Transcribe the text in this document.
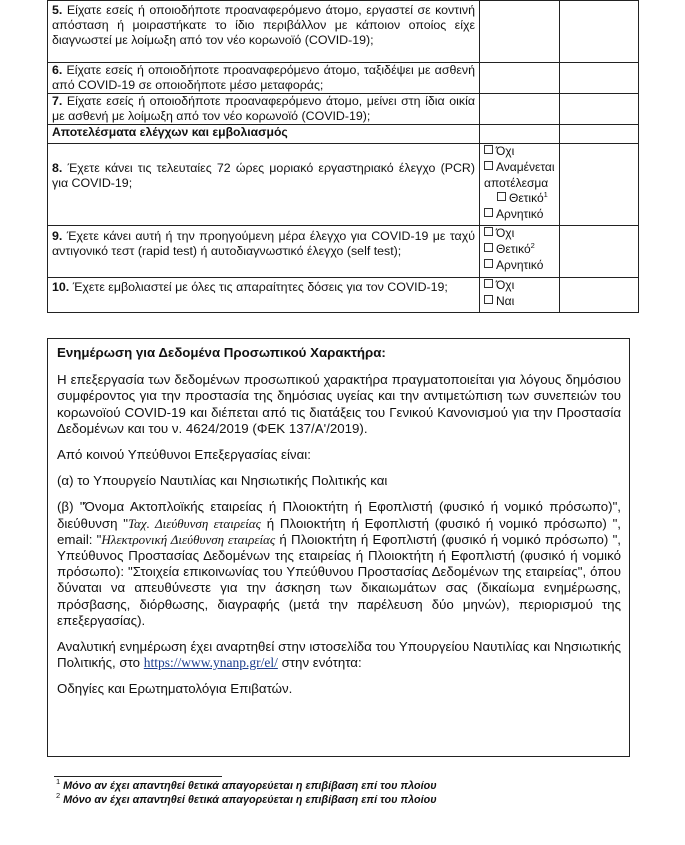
5. Είχατε εσείς ή οποιοδήποτε προαναφερόμενο άτομο, εργαστεί σε κοντινή απόσταση ή μοιραστήκατε το ίδιο περιβάλλον με κάποιον οποίος είχε διαγνωστεί με λοίμωξη από τον νέο κορωνοϊό (COVID-19);		
6. Είχατε εσείς ή οποιοδήποτε προαναφερόμενο άτομο, ταξιδέψει με ασθενή από COVID-19 σε οποιοδήποτε μέσο μεταφοράς;		
7. Είχατε εσείς ή οποιοδήποτε προαναφερόμενο άτομο, μείνει στη ίδια οικία με ασθενή με λοίμωξη από τον νέο κορωνοϊό (COVID-19);		
Αποτελέσματα ελέγχων και εμβολιασμός		
8. Έχετε κάνει τις τελευταίες 72 ώρες μοριακό εργαστηριακό έλεγχο (PCR) για COVID-19;	Όχι
Αναμένεται αποτέλεσμα
Θετικό$^1$
Αρνητικό	

9. Έχετε κάνει αυτή ή την προηγούμενη μέρα έλεγχο για COVID-19 με ταχύ αντιγονικό τεστ (rapid test) ή αυτοδιαγνωστικό έλεγχο (self test);	Όχι
Θετικό$^2$
Αρνητικό	

10. Έχετε εμβολιαστεί με όλες τις απαραίτητες δόσεις για τον COVID-19;	Όχι
Ναι	

Ενημέρωση για Δεδομένα Προσωπικού Χαρακτήρα:

Η επεξεργασία των δεδομένων προσωπικού χαρακτήρα πραγματοποιείται για λόγους δημόσιου συμφέροντος για την προστασία της δημόσιας υγείας και την αντιμετώπιση των συνεπειών του κορωνοϊού COVID-19 και διέπεται από τις διατάξεις του Γενικού Κανονισμού για την Προστασία Δεδομένων και του ν. 4624/2019 (ΦΕΚ 137/Α'/2019).

Από κοινού Υπεύθυνοι Επεξεργασίας είναι:

(α) το Υπουργείο Ναυτιλίας και Νησιωτικής Πολιτικής και

(β) "Όνομα Ακτοπλοϊκής εταιρείας ή Πλοιοκτήτη ή Εφοπλιστή (φυσικό ή νομικό πρόσωπο)", διεύθυνση "Ταχ. Διεύθυνση εταιρείας ή Πλοιοκτήτη ή Εφοπλιστή (φυσικό ή νομικό πρόσωπο) ", email: "Ηλεκτρονική Διεύθυνση εταιρείας ή Πλοιοκτήτη ή Εφοπλιστή (φυσικό ή νομικό πρόσωπο) ", Υπεύθυνος Προστασίας Δεδομένων της εταιρείας ή Πλοιοκτήτη ή Εφοπλιστή (φυσικό ή νομικό πρόσωπο): "Στοιχεία επικοινωνίας του Υπεύθυνου Προστασίας Δεδομένων της εταιρείας", όπου δύναται να απευθύνεστε για την άσκηση των δικαιωμάτων σας (δικαίωμα ενημέρωσης, πρόσβασης, διόρθωσης, διαγραφής (μετά την παρέλευση δύο μηνών), περιορισμού της επεξεργασίας).

Αναλυτική ενημέρωση έχει αναρτηθεί στην ιστοσελίδα του Υπουργείου Ναυτιλίας και Νησιωτικής Πολιτικής, στο https://www.ynanp.gr/el/ στην ενότητα:

Οδηγίες και Ερωτηματολόγια Επιβατών.

$^1$ Μόνο αν έχει απαντηθεί θετικά απαγορεύεται η επιβίβαση επί του πλοίου
$^2$ Μόνο αν έχει απαντηθεί θετικά απαγορεύεται η επιβίβαση επί του πλοίου
